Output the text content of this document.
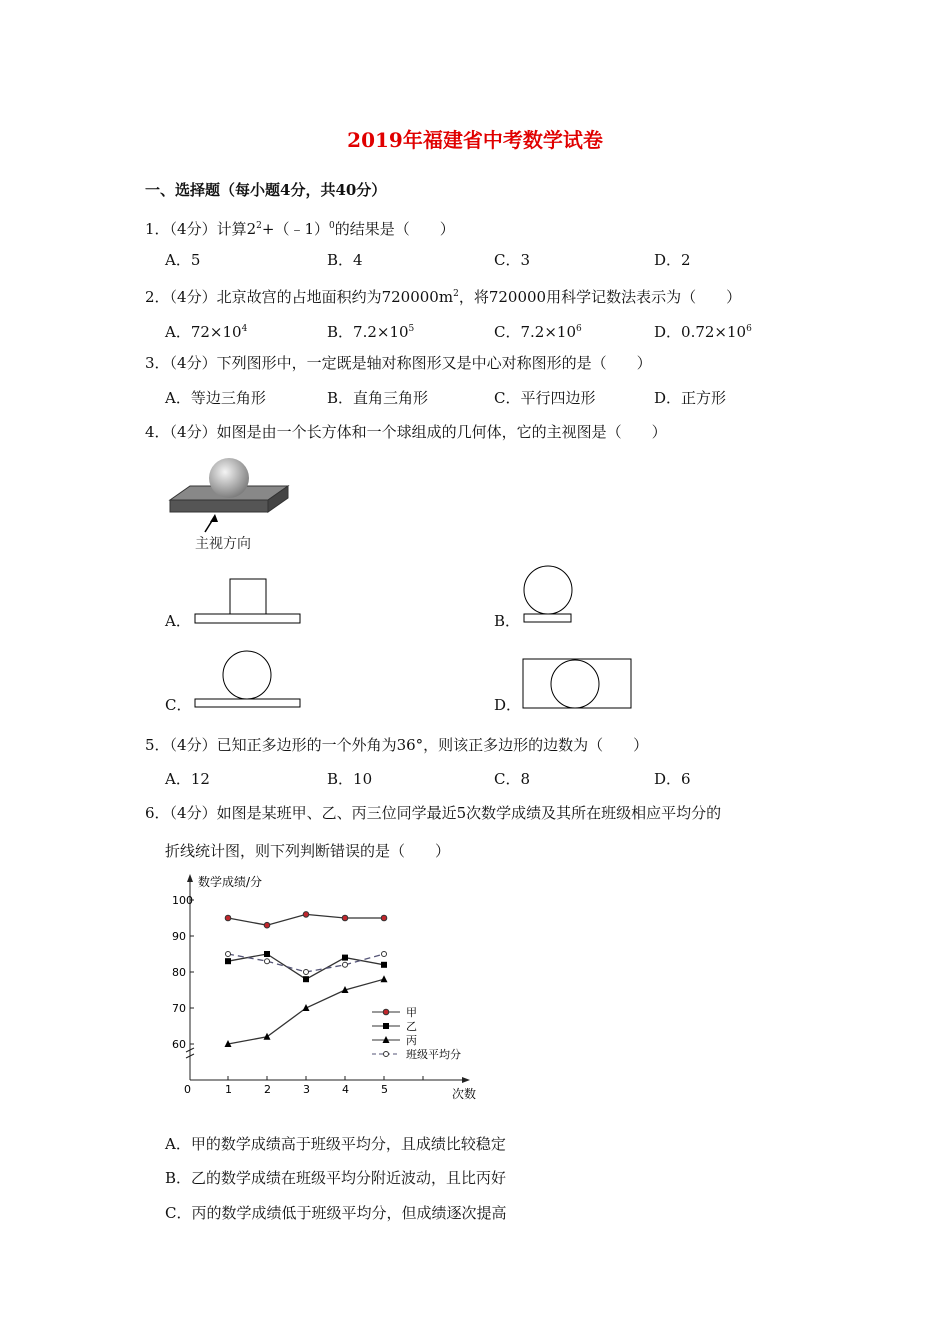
2019年福建省中考数学试卷
一、选择题（每小题4分，共40分）
1．（4分）计算$2^2+(﹣1)^0$的结果是（　　）
A．5	B．4	C．3	D．2
2．（4分）北京故宫的占地面积约为$720000m^2$，将720000用科学记数法表示为（　　）
A．$72\times 10^4$	B．$7.2\times 10^5$	C．$7.2\times 10^6$	D．$0.72\times 10^6$
3．（4分）下列图形中，一定既是轴对称图形又是中心对称图形的是（　　）
A．等边三角形	B．直角三角形	C．平行四边形	D．正方形
4．（4分）如图是由一个长方体和一个球组成的几何体，它的主视图是（　　）
主视方向
A．	B．
C．	D．
5．（4分）已知正多边形的一个外角为36°，则该正多边形的边数为（　　）
A．12	B．10	C．8	D．6
6．（4分）如图是某班甲、乙、丙三位同学最近5次数学成绩及其所在班级相应平均分的
折线统计图，则下列判断错误的是（　　）
数学成绩/分
次数
0
100
90
80
70
60
1	2	3	4	5
甲
乙
丙
班级平均分
A．甲的数学成绩高于班级平均分，且成绩比较稳定
B．乙的数学成绩在班级平均分附近波动，且比丙好
C．丙的数学成绩低于班级平均分，但成绩逐次提高
